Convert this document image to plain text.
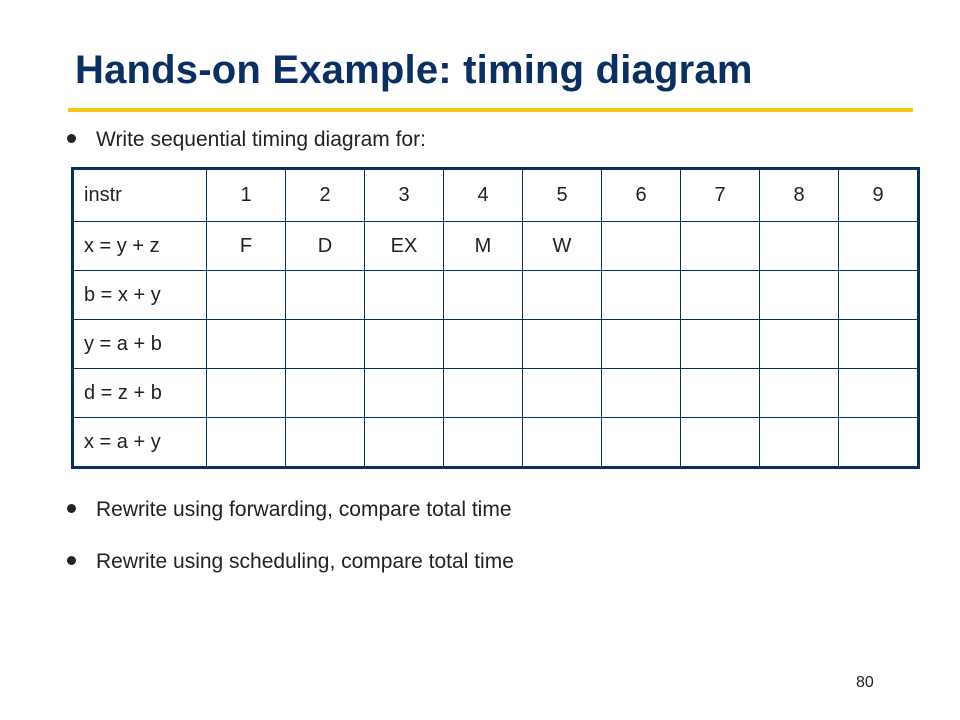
Hands-on Example: timing diagram
Write sequential timing diagram for:
instr	1	2	3	4	5	6	7	8	9
x = y + z	F	D	EX	M	W				
b = x + y									
y = a + b									
d = z + b									
x = a + y									
Rewrite using forwarding, compare total time
Rewrite using scheduling, compare total time
80
